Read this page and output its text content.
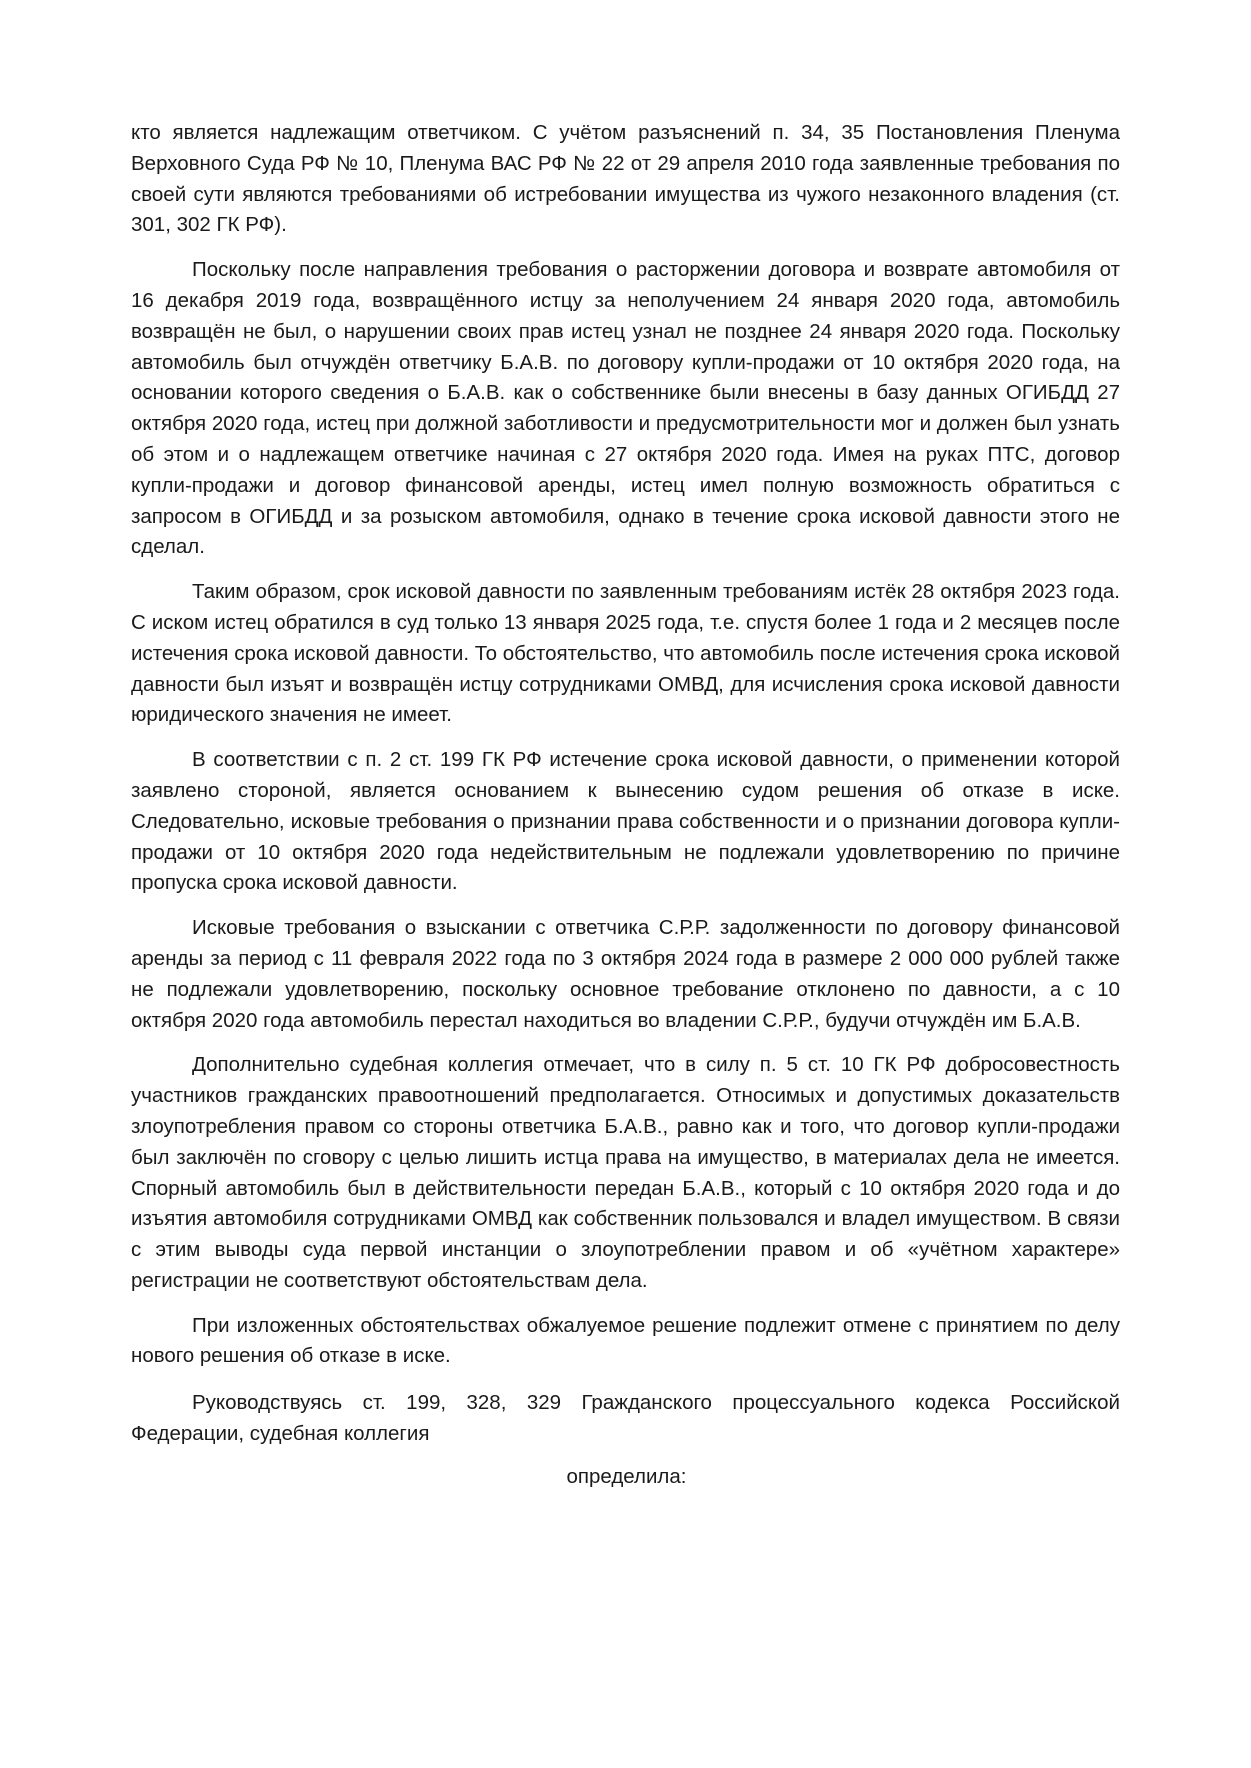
кто является надлежащим ответчиком. С учётом разъяснений п. 34, 35 Постановления Пленума Верховного Суда РФ № 10, Пленума ВАС РФ № 22 от 29 апреля 2010 года заявленные требования по своей сути являются требованиями об истребовании имущества из чужого незаконного владения (ст. 301, 302 ГК РФ).

Поскольку после направления требования о расторжении договора и возврате автомобиля от 16 декабря 2019 года, возвращённого истцу за неполучением 24 января 2020 года, автомобиль возвращён не был, о нарушении своих прав истец узнал не позднее 24 января 2020 года. Поскольку автомобиль был отчуждён ответчику Б.А.В. по договору купли-продажи от 10 октября 2020 года, на основании которого сведения о Б.А.В. как о собственнике были внесены в базу данных ОГИБДД 27 октября 2020 года, истец при должной заботливости и предусмотрительности мог и должен был узнать об этом и о надлежащем ответчике начиная с 27 октября 2020 года. Имея на руках ПТС, договор купли-продажи и договор финансовой аренды, истец имел полную возможность обратиться с запросом в ОГИБДД и за розыском автомобиля, однако в течение срока исковой давности этого не сделал.

Таким образом, срок исковой давности по заявленным требованиям истёк 28 октября 2023 года. С иском истец обратился в суд только 13 января 2025 года, т.е. спустя более 1 года и 2 месяцев после истечения срока исковой давности. То обстоятельство, что автомобиль после истечения срока исковой давности был изъят и возвращён истцу сотрудниками ОМВД, для исчисления срока исковой давности юридического значения не имеет.

В соответствии с п. 2 ст. 199 ГК РФ истечение срока исковой давности, о применении которой заявлено стороной, является основанием к вынесению судом решения об отказе в иске. Следовательно, исковые требования о признании права собственности и о признании договора купли-продажи от 10 октября 2020 года недействительным не подлежали удовлетворению по причине пропуска срока исковой давности.

Исковые требования о взыскании с ответчика С.Р.Р. задолженности по договору финансовой аренды за период с 11 февраля 2022 года по 3 октября 2024 года в размере 2 000 000 рублей также не подлежали удовлетворению, поскольку основное требование отклонено по давности, а с 10 октября 2020 года автомобиль перестал находиться во владении С.Р.Р., будучи отчуждён им Б.А.В.

Дополнительно судебная коллегия отмечает, что в силу п. 5 ст. 10 ГК РФ добросовестность участников гражданских правоотношений предполагается. Относимых и допустимых доказательств злоупотребления правом со стороны ответчика Б.А.В., равно как и того, что договор купли-продажи был заключён по сговору с целью лишить истца права на имущество, в материалах дела не имеется. Спорный автомобиль был в действительности передан Б.А.В., который с 10 октября 2020 года и до изъятия автомобиля сотрудниками ОМВД как собственник пользовался и владел имуществом. В связи с этим выводы суда первой инстанции о злоупотреблении правом и об «учётном характере» регистрации не соответствуют обстоятельствам дела.

При изложенных обстоятельствах обжалуемое решение подлежит отмене с принятием по делу нового решения об отказе в иске.

Руководствуясь ст. 199, 328, 329 Гражданского процессуального кодекса Российской Федерации, судебная коллегия

определила:
